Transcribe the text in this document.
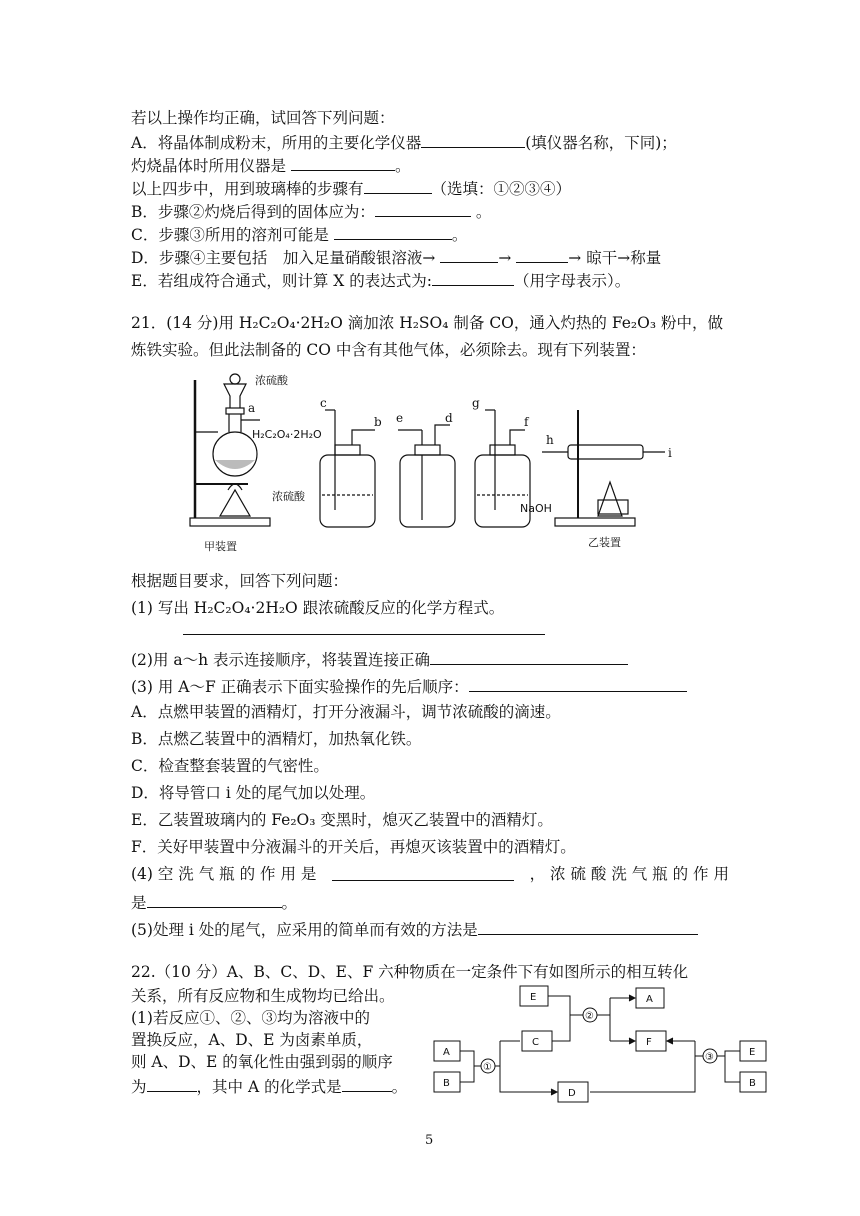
若以上操作均正确，试回答下列问题：
A．将晶体制成粉末，所用的主要化学仪器	(填仪器名称，下同)；
灼烧晶体时所用仪器是	。
以上四步中，用到玻璃棒的步骤有	（选填：①②③④）
B．步骤②灼烧后得到的固体应为：	。
C．步骤③所用的溶剂可能是	。
D．步骤④主要包括　加入足量硝酸银溶液→	→	→ 晾干→称量
E．若组成符合通式，则计算 X 的表达式为:	（用字母表示）。
21．(14 分)用 H₂C₂O₄·2H₂O 滴加浓 H₂SO₄ 制备 CO，通入灼热的 Fe₂O₃ 粉中，做
炼铁实验。但此法制备的 CO 中含有其他气体，必须除去。现有下列装置：
浓硫酸
a
H₂C₂O₄·2H₂O
甲装置
c
b
浓硫酸
e	d
g
f
NaOH
h
i
乙装置
根据题目要求，回答下列问题：
(1) 写出 H₂C₂O₄·2H₂O 跟浓硫酸反应的化学方程式。
(2)用 a～h 表示连接顺序，将装置连接正确
(3) 用 A～F 正确表示下面实验操作的先后顺序：
A．点燃甲装置的酒精灯，打开分液漏斗，调节浓硫酸的滴速。
B．点燃乙装置中的酒精灯，加热氧化铁。
C．检查整套装置的气密性。
D．将导管口 i 处的尾气加以处理。
E．乙装置玻璃内的 Fe₂O₃ 变黑时，熄灭乙装置中的酒精灯。
F．关好甲装置中分液漏斗的开关后，再熄灭该装置中的酒精灯。
(4) 空 洗 气 瓶 的 作 用 是	， 浓 硫 酸 洗 气 瓶 的 作 用
是	。
(5)处理 i 处的尾气，应采用的简单而有效的方法是
22.（10 分）A、B、C、D、E、F 六种物质在一定条件下有如图所示的相互转化
关系，所有反应物和生成物均已给出。
(1)若反应①、②、③均为溶液中的
置换反应，A、D、E 为卤素单质，
则 A、D、E 的氧化性由强到弱的顺序
为	，其中 A 的化学式是	。
E	A
C	F
A
B
D
E
B
①
②
③
5
